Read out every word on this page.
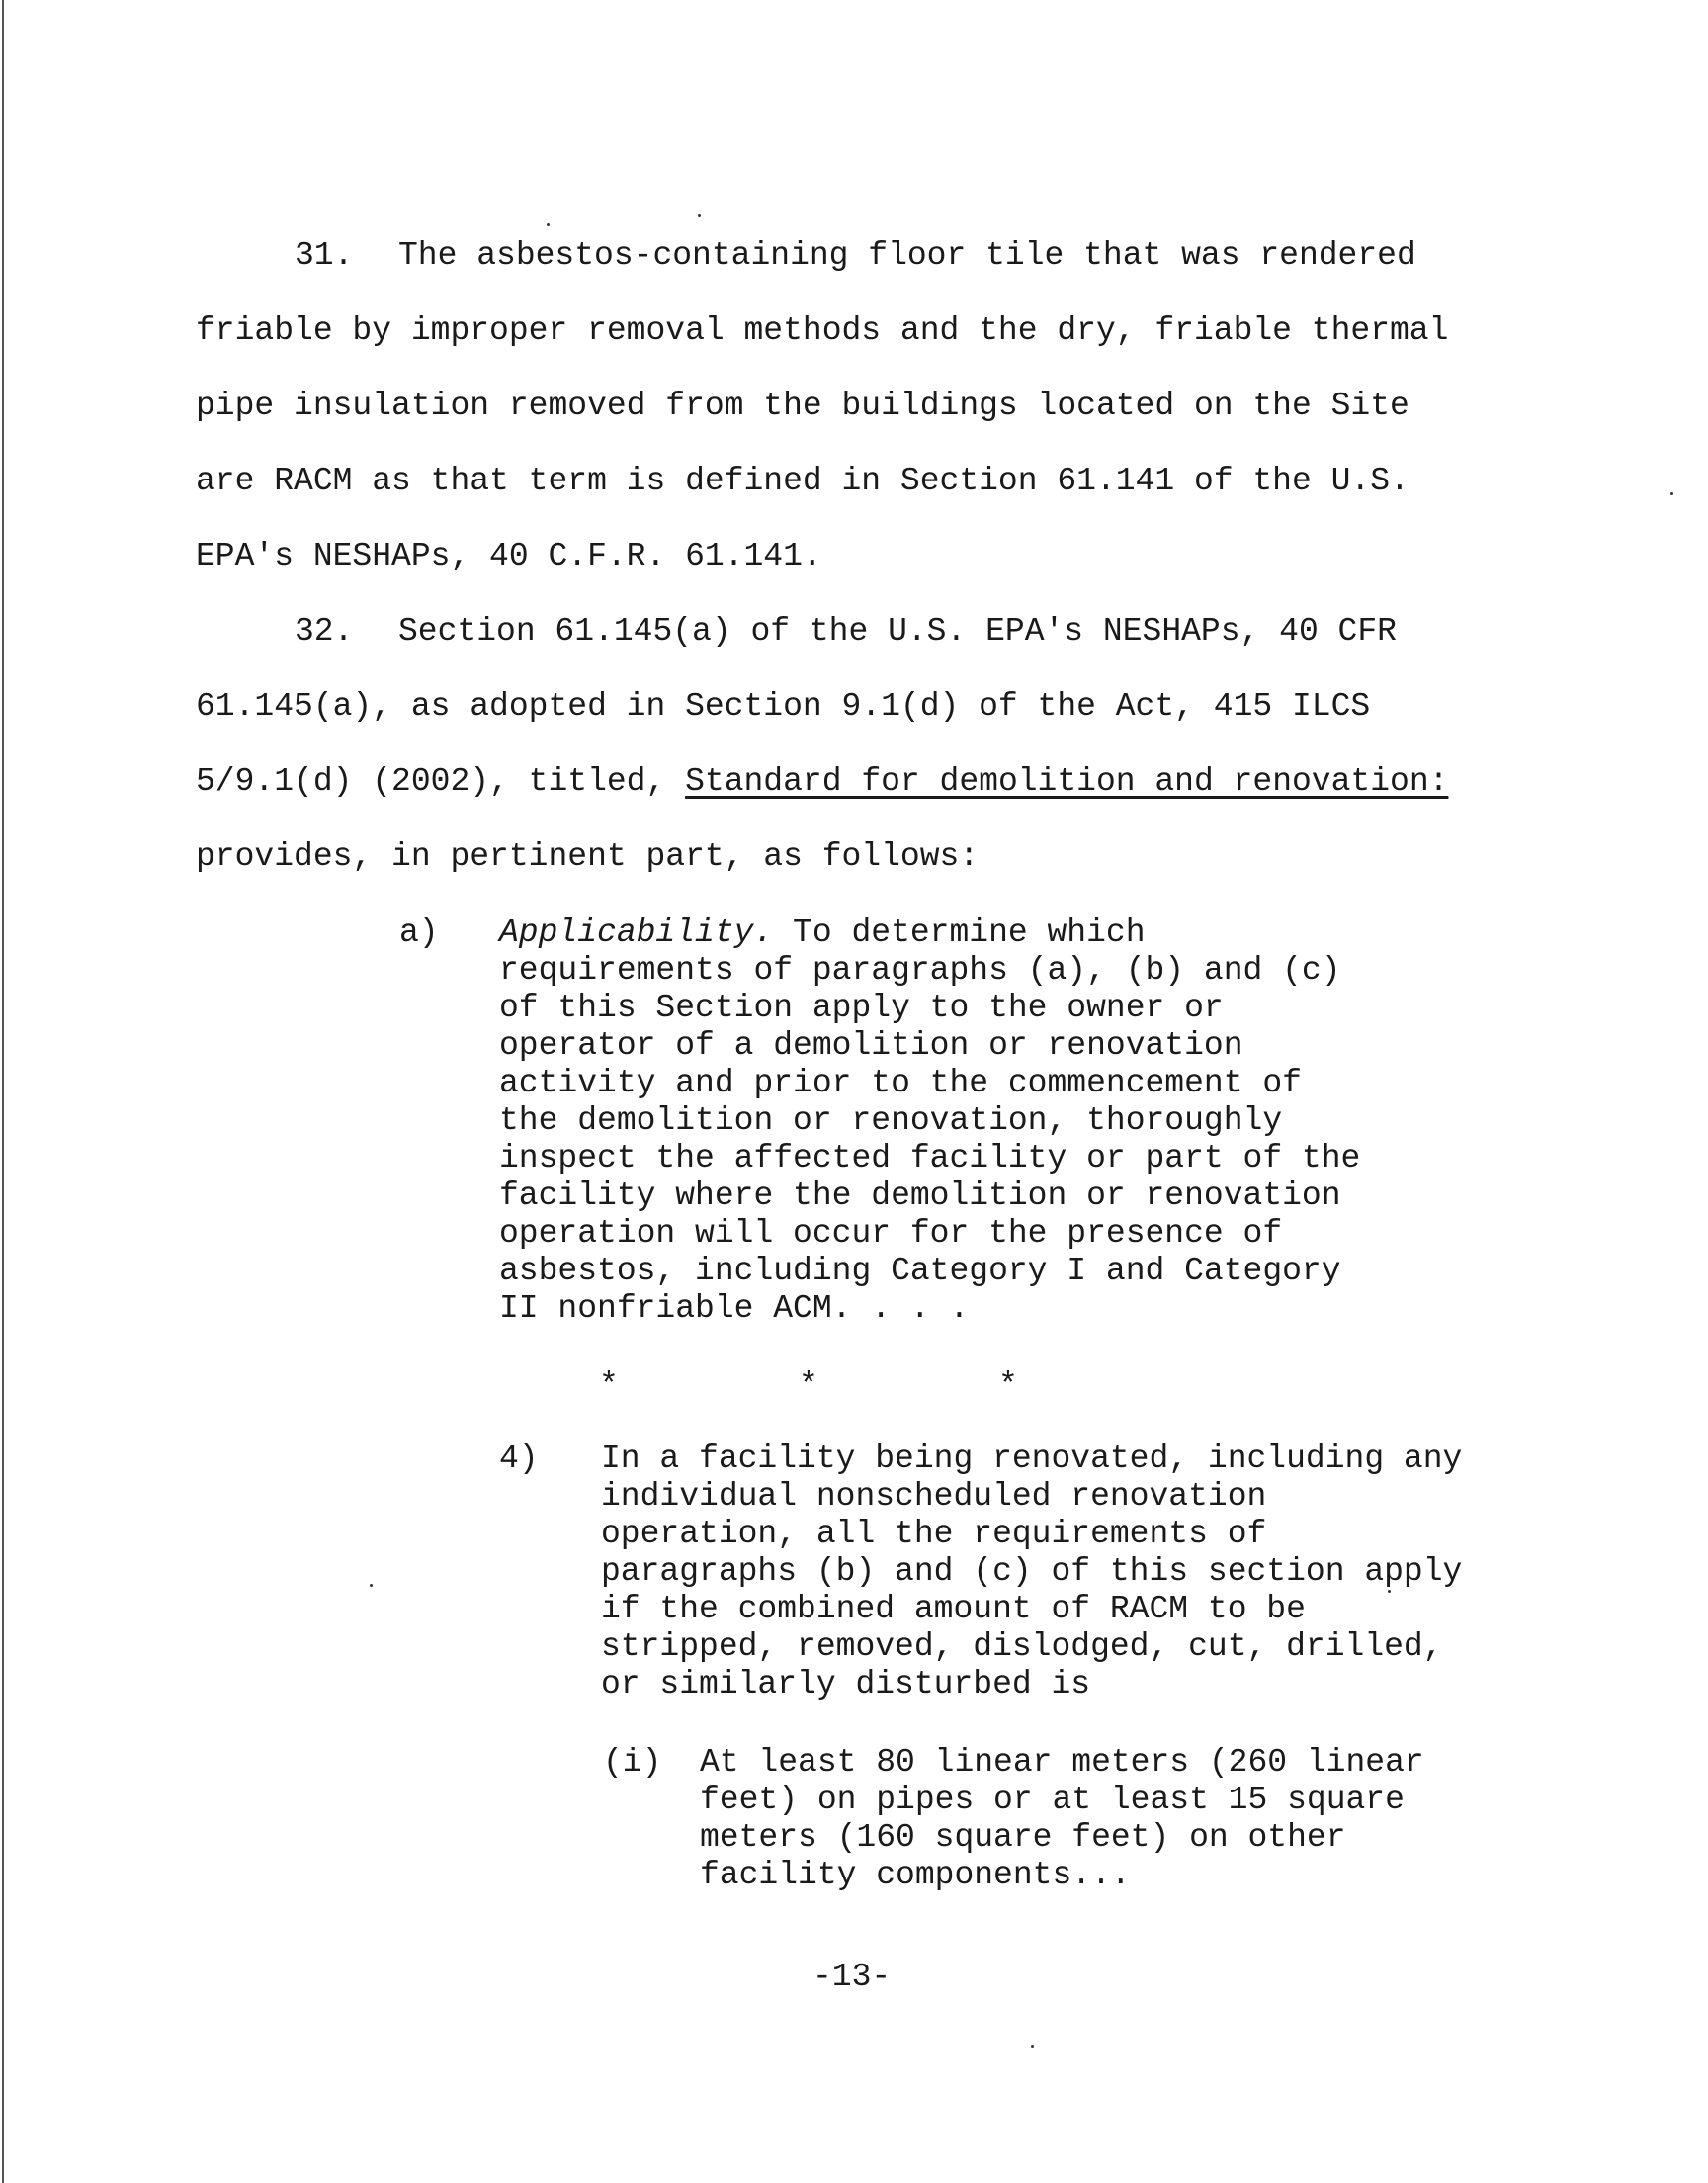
31. The asbestos-containing floor tile that was rendered
friable by improper removal methods and the dry, friable thermal
pipe insulation removed from the buildings located on the Site
are RACM as that term is defined in Section 61.141 of the U.S.
EPA's NESHAPs, 40 C.F.R. 61.141.
32. Section 61.145(a) of the U.S. EPA's NESHAPs, 40 CFR
61.145(a), as adopted in Section 9.1(d) of the Act, 415 ILCS
5/9.1(d) (2002), titled, Standard for demolition and renovation:
provides, in pertinent part, as follows:
a) Applicability. To determine which
requirements of paragraphs (a), (b) and (c)
of this Section apply to the owner or
operator of a demolition or renovation
activity and prior to the commencement of
the demolition or renovation, thoroughly
inspect the affected facility or part of the
facility where the demolition or renovation
operation will occur for the presence of
asbestos, including Category I and Category
II nonfriable ACM. . . .
*	*	*
4) In a facility being renovated, including any
individual nonscheduled renovation
operation, all the requirements of
paragraphs (b) and (c) of this section apply
if the combined amount of RACM to be
stripped, removed, dislodged, cut, drilled,
or similarly disturbed is
(i) At least 80 linear meters (260 linear
feet) on pipes or at least 15 square
meters (160 square feet) on other
facility components...
-13-
